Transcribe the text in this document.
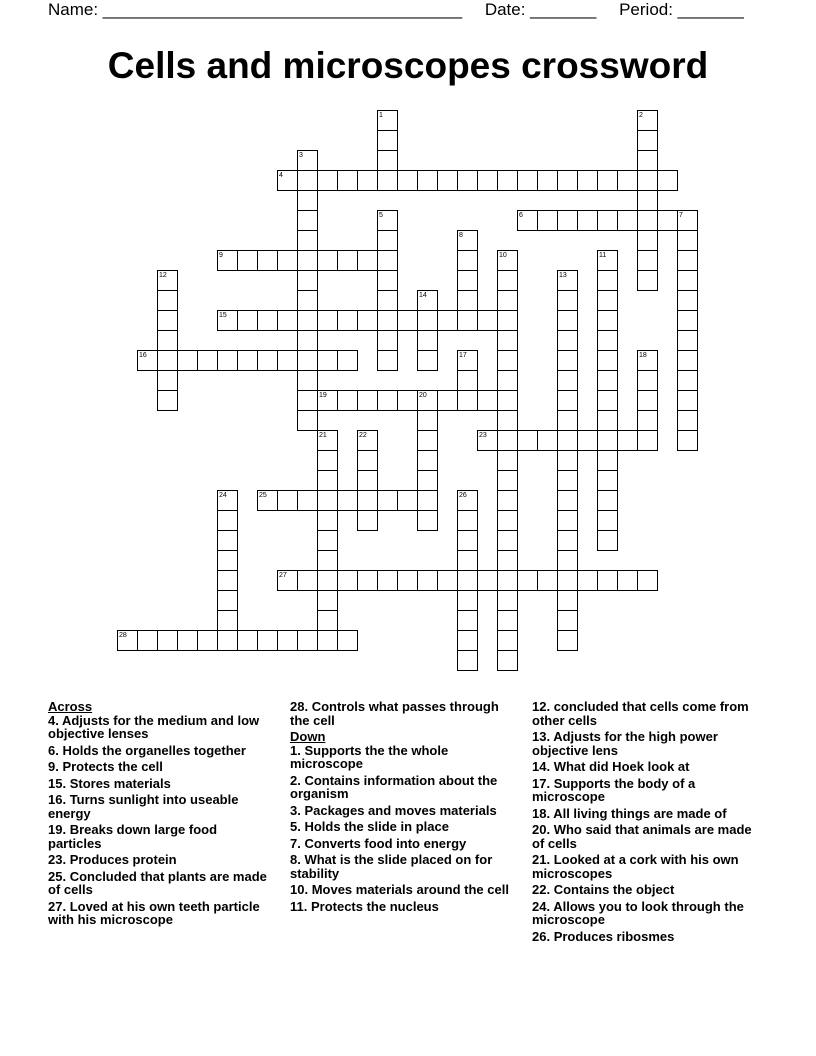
Name: ______________________________________ Date: _______ Period: _______
Cells and microscopes crossword
1	2
3
4
5	6	7
8
9	10	11
12	13
14
15
16	17	18
19	20
21	22	23
24	25	26
27
28
Across
4. Adjusts for the medium and low objective lenses
6. Holds the organelles together
9. Protects the cell
15. Stores materials
16. Turns sunlight into useable energy
19. Breaks down large food particles
23. Produces protein
25. Concluded that plants are made of cells
27. Loved at his own teeth particle with his microscope
28. Controls what passes through the cell
Down
1. Supports the the whole microscope
2. Contains information about the organism
3. Packages and moves materials
5. Holds the slide in place
7. Converts food into energy
8. What is the slide placed on for stability
10. Moves materials around the cell
11. Protects the nucleus
12. concluded that cells come from other cells
13. Adjusts for the high power objective lens
14. What did Hoek look at
17. Supports the body of a microscope
18. All living things are made of
20. Who said that animals are made of cells
21. Looked at a cork with his own microscopes
22. Contains the object
24. Allows you to look through the microscope
26. Produces ribosmes
